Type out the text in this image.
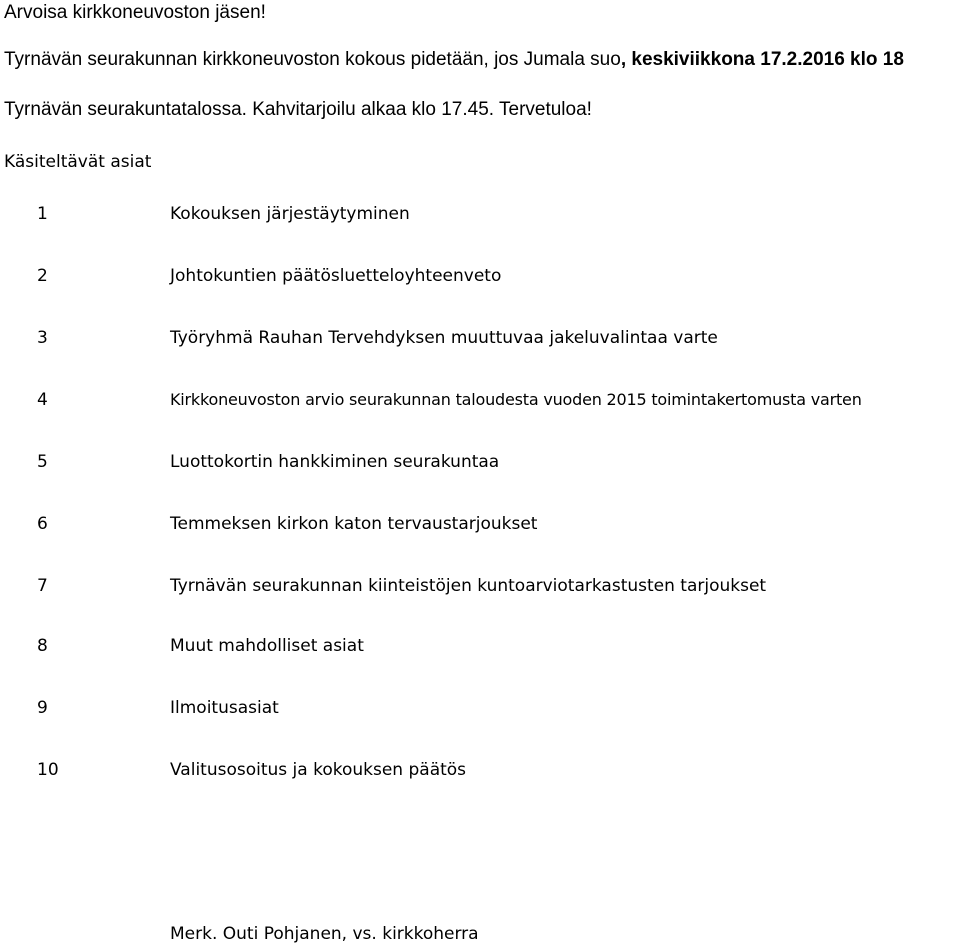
Arvoisa kirkkoneuvoston jäsen!
Tyrnävän seurakunnan kirkkoneuvoston kokous pidetään, jos Jumala suo, keskiviikkona 17.2.2016 klo 18
Tyrnävän seurakuntatalossa. Kahvitarjoilu alkaa klo 17.45. Tervetuloa!
Käsiteltävät asiat
1	Kokouksen järjestäytyminen
2	Johtokuntien päätösluetteloyhteenveto
3	Työryhmä Rauhan Tervehdyksen muuttuvaa jakeluvalintaa varte
4	Kirkkoneuvoston arvio seurakunnan taloudesta vuoden 2015 toimintakertomusta varten
5	Luottokortin hankkiminen seurakuntaa
6	Temmeksen kirkon katon tervaustarjoukset
7	Tyrnävän seurakunnan kiinteistöjen kuntoarviotarkastusten tarjoukset
8	Muut mahdolliset asiat
9	Ilmoitusasiat
10	Valitusosoitus ja kokouksen päätös
Merk. Outi Pohjanen, vs. kirkkoherra
